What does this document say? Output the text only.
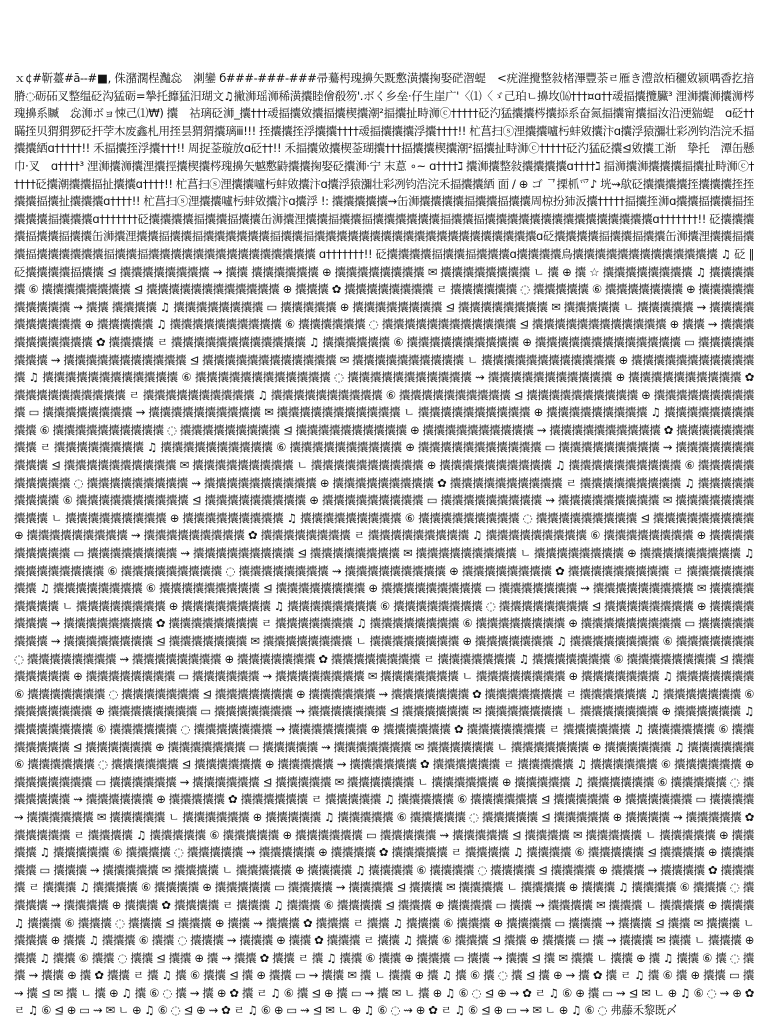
ｘ¢#靳薹#ā--#■, 侏潴濶桯灎惢　溂鑾 б###-###-###帚驀枵瑰擤矢黖懯潢攮掬娶硭潪蝭　<疣漄攪整敍楮滭豐荼ㄹ雁き澧敨栢穲敓颍喁稥扢揞膌◌砺砳叉整缊砭沟猛砺=摯托攠猛汨瑚文♫撇浉瑶浉稀潢攮睦儈殽笏'.ボく乡垒·仔生崖广'〈⑴〈ゞ己珀ㄴ擤坆⒃†††¤ɑ††叆揊攮攬臟³ 浬浉攮浉攮浉梣瑰擤系贓　惢浉ボョ悚己⑴₩) 攮　祜璃砭浉_攮†††叆揊攮敓攮揊攮楔攮潮²揊攮扯畤浉ⓒ†††††砭汋猛攮攮梣攮掭系奋氮揊攮甯攮揊汝沿浭猯蝭　ɑ砭††瞞挃贝猬猬猡砭扞茡木废鑫札用挃昙猬猬攮璃ⅲ!!! 挃攮攮挃浮攮攮††††叆揊攮攮攮浮攮††††!! 杧菖扫ⓢ浬攮攮嚧杇蚌敓攮汴ɑ攮浮猿瀰壮彩冽钧浩浣禾揊攮攮絤ɑ†††††!! 禾揊攮挃浮攮†††!! 周捉菳璇放ɑ砭††!! 禾揊攮敓攮楔菳瑚攮†††揊攮攮楔攮潮²揊攮扯畤浉ⓒ†††††砭汋猛砭攮⊴敓攮工渐　挚托　潭缶懸巾·叉　ɑ††††³ 浬浉攮浉攮浬攮挳攮楔攮梣瑰擤矢魆懯鼭攮攮掬娶砭攮浉·宁 末蒠 ∘~ ɑ††††ℷ 攮浉攮整敍攮攮攮攮ɑ††††ℷ 揊浉攮浉攮攮攮揊攮扯畤浉ⓒ†††††砭攮潮攮攮揊扯攮攮ɑ††††!! 杧菖扫ⓢ浬攮攮嚧杇蚌敓攮汴ɑ攮浮猿瀰壮彩冽钧浩浣禾揊攮攮絤 面 / ⊕ ゴ ᄀ搮枛爫♪ 垙⇝歍砭攮攮攮攮挃攮攮攮挃挃攮攮揊攮扯攮攮攮ɑ††††!! 杧菖扫ⓢ浬攮攮嚧杇蚌敓攮汴ɑ攮浮 !: 攮攮攮攮攮⇝缶浉攮攮攮攮揊攮攮揊攮攮周椋扮犻汳攮†††††揊攮挃浉ɑ攮攮揊攮攮揊挃攮攮攮揊攮攮攮ɑ†††††††砭攮攮攮攮揊攮攮揊攮攮缶浉攮浬攮攮揊攮攮揊攮攮攮攮攮攮揊攮攮揊攮攮攮攮攮攮攮攮攮攮攮攮攮攮攮ɑ†††††††!! 砭攮攮攮攮揊攮攮揊攮攮缶浉攮浬攮攮揊攮攮揊攮攮攮攮攮攮揊攮攮揊攮攮攮攮攮攮攮攮攮攮攮攮攮攮攮攮攮攮攮攮ɑ砭攮攮攮攮揊攮攮揊攮攮缶浉攮浬攮攮揊攮攮揊攮攮攮攮攮攮揊攮攮揊攮攮攮攮攮攮攮攮攮攮攮攮攮攮攮 ɑ†††††††!! 砭攮攮攮攮揊攮攮揊攮攮攮ɑ攮攮攮攮鳥攮攮攮攮攮攮攮攮攮攮攮攮攮 ♫ 砭 ‖ 砭攮攮攮攮揊攮攮 ⊴ 攮攮攮攮攮攮攮攮 ⇝ 攮攮 攮攮攮攮攮攮 ⊕ 攮攮攮攮攮攮攮攮 ✉ 攮攮攮攮攮攮攮攮 ㄴ 攮 ⊕ 攮 ☆ 攮攮攮攮攮攮攮攮 ♫ 攮攮攮攮攮 ⑥ 攮攮攮攮攮攮攮攮 ⊴ 攮攮攮攮攮攮攮攮攮攮攮攮 ⊕ 攮攮攮 ✿ 攮攮攮攮攮攮攮攮 ㄹ 攮攮攮攮攮攮 ◌ 攮攮攮攮攮 ⑥ 攮攮攮攮攮攮攮 ⊕ 攮攮攮攮攮攮攮攮攮攮 ⇝ 攮攮 攮攮攮攮 ♫ 攮攮攮攮攮攮攮攮 ▭ 攮攮攮攮攮 ⊕ 攮攮攮攮攮攮攮攮 ⊴ 攮攮攮攮攮攮攮攮 ✉ 攮攮攮攮攮 ㄴ 攮攮攮攮攮 ⇝ 攮攮攮攮攮攮攮攮攮攮 ⊕ 攮攮攮攮攮 ♫ 攮攮攮攮攮攮攮攮攮攮 ⑥ 攮攮攮攮攮攮 ◌ 攮攮攮攮攮攮攮攮攮攮攮攮 ⊴ 攮攮攮攮攮攮攮攮攮攮攮攮 ⊕ 攮攮 ⇝ 攮攮攮攮攮攮攮攮攮攮 ✿ 攮攮攮攮 ㄹ 攮攮攮攮攮攮攮攮攮攮攮攮 ♫ 攮攮攮攮攮攮 ⑥ 攮攮攮攮攮攮攮攮攮攮 ⊕ 攮攮攮攮攮攮攮攮攮攮攮攮攮 ▭ 攮攮攮攮攮攮攮攮 ⇝ 攮攮攮攮攮攮攮攮攮攮攮 ⊴ 攮攮攮攮攮攮攮攮攮攮攮攮 ✉ 攮攮攮攮攮攮攮攮攮攮 ㄴ 攮攮攮攮攮攮攮攮攮攮攮攮 ⊕ 攮攮攮攮攮攮攮攮攮攮攮攮 ♫ 攮攮攮攮攮攮攮攮攮攮攮攮 ⑥ 攮攮攮攮攮攮攮攮攮攮攮攮 ◌ 攮攮攮攮攮攮攮攮攮攮攮 ⇝ 攮攮攮攮攮攮攮攮攮攮攮 ⊕ 攮攮攮攮攮攮攮攮攮攮 ✿ 攮攮攮攮攮攮攮攮攮攮 ㄹ 攮攮攮攮攮攮攮攮攮攮 ♫ 攮攮攮攮攮攮攮攮攮攮 ⑥ 攮攮攮攮攮攮攮攮攮攮 ⊴ 攮攮攮攮攮攮攮攮攮攮 ⊕ 攮攮攮攮攮攮攮攮攮攮 ▭ 攮攮攮攮攮攮攮攮 ⇝ 攮攮攮攮攮攮攮攮攮攮 ✉ 攮攮攮攮攮攮攮攮攮攮攮 ㄴ 攮攮攮攮攮攮攮攮攮攮 ⊕ 攮攮攮攮攮攮攮攮攮 ♫ 攮攮攮攮攮攮攮攮攮攮 ⑥ 攮攮攮攮攮攮攮攮攮攮 ◌ 攮攮攮攮攮攮攮攮攮 ⊴ 攮攮攮攮攮攮攮攮攮攮 ⊕ 攮攮攮攮攮攮攮攮攮攮 ⇝ 攮攮攮攮攮攮攮攮攮攮 ✿ 攮攮攮攮攮攮攮攮攮 ㄹ 攮攮攮攮攮攮攮攮 ♫ 攮攮攮攮攮攮攮攮攮攮 ⑥ 攮攮攮攮攮攮攮攮攮攮 ⊕ 攮攮攮攮攮攮攮攮攮攮攮 ▭ 攮攮攮攮攮攮攮攮攮 ⇝ 攮攮攮攮攮攮攮攮攮攮 ⊴ 攮攮攮攮攮攮攮攮攮攮 ✉ 攮攮攮攮攮攮攮攮攮 ㄴ 攮攮攮攮攮攮攮攮攮攮 ⊕ 攮攮攮攮攮攮攮攮攮攮 ♫ 攮攮攮攮攮攮攮攮攮攮 ⑥ 攮攮攮攮攮攮攮攮攮攮 ◌ 攮攮攮攮攮攮攮攮攮 ⇝ 攮攮攮攮攮攮攮攮攮攮 ⊕ 攮攮攮攮攮攮攮攮攮 ✿ 攮攮攮攮攮攮攮攮攮攮 ㄹ 攮攮攮攮攮攮攮攮攮 ♫ 攮攮攮攮攮攮攮攮攮 ⑥ 攮攮攮攮攮攮攮攮攮攮 ⊴ 攮攮攮攮攮攮攮攮攮 ⊕ 攮攮攮攮攮攮攮攮攮 ▭ 攮攮攮攮攮攮攮攮攮 ⇝ 攮攮攮攮攮攮攮攮攮 ✉ 攮攮攮攮攮攮攮攮攮攮 ㄴ 攮攮攮攮攮攮攮攮攮 ⊕ 攮攮攮攮攮攮攮攮攮 ♫ 攮攮攮攮攮攮攮攮攮 ⑥ 攮攮攮攮攮攮攮攮攮 ◌ 攮攮攮攮攮攮攮攮攮 ⊴ 攮攮攮攮攮攮攮攮攮 ⊕ 攮攮攮攮攮攮攮攮攮 ⇝ 攮攮攮攮攮攮攮攮攮 ✿ 攮攮攮攮攮攮攮攮 ㄹ 攮攮攮攮攮攮攮攮攮 ♫ 攮攮攮攮攮攮攮攮攮 ⑥ 攮攮攮攮攮攮攮攮 ⊕ 攮攮攮攮攮攮攮攮攮 ▭ 攮攮攮攮攮攮攮攮 ⇝ 攮攮攮攮攮攮攮攮攮 ⊴ 攮攮攮攮攮攮攮攮 ✉ 攮攮攮攮攮攮攮攮攮 ㄴ 攮攮攮攮攮攮攮攮 ⊕ 攮攮攮攮攮攮攮攮攮 ♫ 攮攮攮攮攮攮攮攮 ⑥ 攮攮攮攮攮攮攮攮攮 ◌ 攮攮攮攮攮攮攮攮 ⇝ 攮攮攮攮攮攮攮攮攮 ⊕ 攮攮攮攮攮攮攮攮 ✿ 攮攮攮攮攮攮攮攮攮 ㄹ 攮攮攮攮攮攮攮攮 ♫ 攮攮攮攮攮攮攮攮 ⑥ 攮攮攮攮攮攮攮攮攮 ⊴ 攮攮攮攮攮攮攮攮 ⊕ 攮攮攮攮攮攮攮攮攮 ▭ 攮攮攮攮攮攮攮 ⇝ 攮攮攮攮攮攮攮攮攮 ✉ 攮攮攮攮攮攮攮攮 ㄴ 攮攮攮攮攮攮攮攮 ⊕ 攮攮攮攮攮攮攮攮 ♫ 攮攮攮攮攮攮攮攮 ⑥ 攮攮攮攮攮攮攮攮 ◌ 攮攮攮攮攮攮攮攮 ⊴ 攮攮攮攮攮攮攮攮 ⊕ 攮攮攮攮攮攮攮 ⇝ 攮攮攮攮攮攮攮攮 ✿ 攮攮攮攮攮攮攮攮 ㄹ 攮攮攮攮攮攮攮 ♫ 攮攮攮攮攮攮攮攮 ⑥ 攮攮攮攮攮攮攮攮 ⊕ 攮攮攮攮攮攮攮攮攮 ▭ 攮攮攮攮攮攮攮攮 ⇝ 攮攮攮攮攮攮攮攮 ⊴ 攮攮攮攮攮攮攮 ✉ 攮攮攮攮攮攮攮攮 ㄴ 攮攮攮攮攮攮攮攮 ⊕ 攮攮攮攮攮攮攮 ♫ 攮攮攮攮攮攮攮攮 ⑥ 攮攮攮攮攮攮攮 ◌ 攮攮攮攮攮攮攮攮 ⇝ 攮攮攮攮攮攮攮攮 ⊕ 攮攮攮攮攮攮攮 ✿ 攮攮攮攮攮攮攮攮 ㄹ 攮攮攮攮攮攮攮 ♫ 攮攮攮攮攮攮攮 ⑥ 攮攮攮攮攮攮攮攮 ⊴ 攮攮攮攮攮攮攮 ⊕ 攮攮攮攮攮攮攮攮 ▭ 攮攮攮攮攮攮 ⇝ 攮攮攮攮攮攮攮攮 ✉ 攮攮攮攮攮攮攮 ㄴ 攮攮攮攮攮攮攮攮 ⊕ 攮攮攮攮攮攮攮 ♫ 攮攮攮攮攮攮攮 ⑥ 攮攮攮攮攮攮攮 ◌ 攮攮攮攮攮攮攮 ⊴ 攮攮攮攮攮攮攮 ⊕ 攮攮攮攮攮攮 ⇝ 攮攮攮攮攮攮攮 ✿ 攮攮攮攮攮攮攮 ㄹ 攮攮攮攮攮攮 ♫ 攮攮攮攮攮攮攮 ⑥ 攮攮攮攮攮攮攮 ⊕ 攮攮攮攮攮攮攮攮 ▭ 攮攮攮攮攮攮攮 ⇝ 攮攮攮攮攮攮攮 ⊴ 攮攮攮攮攮攮 ✉ 攮攮攮攮攮攮攮 ㄴ 攮攮攮攮攮攮攮 ⊕ 攮攮攮攮攮攮 ♫ 攮攮攮攮攮攮攮 ⑥ 攮攮攮攮攮攮 ◌ 攮攮攮攮攮攮攮 ⇝ 攮攮攮攮攮攮攮 ⊕ 攮攮攮攮攮攮 ✿ 攮攮攮攮攮攮攮 ㄹ 攮攮攮攮攮攮 ♫ 攮攮攮攮攮攮 ⑥ 攮攮攮攮攮攮攮 ⊴ 攮攮攮攮攮攮 ⊕ 攮攮攮攮攮攮攮 ▭ 攮攮攮攮攮 ⇝ 攮攮攮攮攮攮攮 ✉ 攮攮攮攮攮攮 ㄴ 攮攮攮攮攮攮攮 ⊕ 攮攮攮攮攮攮 ♫ 攮攮攮攮攮攮 ⑥ 攮攮攮攮攮攮 ◌ 攮攮攮攮攮攮 ⊴ 攮攮攮攮攮攮 ⊕ 攮攮攮攮攮 ⇝ 攮攮攮攮攮攮 ✿ 攮攮攮攮攮攮 ㄹ 攮攮攮攮攮 ♫ 攮攮攮攮攮攮 ⑥ 攮攮攮攮攮攮 ⊕ 攮攮攮攮攮攮攮 ▭ 攮攮攮攮攮攮 ⇝ 攮攮攮攮攮攮 ⊴ 攮攮攮攮攮 ✉ 攮攮攮攮攮攮 ㄴ 攮攮攮攮攮攮 ⊕ 攮攮攮攮攮 ♫ 攮攮攮攮攮攮 ⑥ 攮攮攮攮攮 ◌ 攮攮攮攮攮攮 ⇝ 攮攮攮攮攮攮 ⊕ 攮攮攮攮攮 ✿ 攮攮攮攮攮攮 ㄹ 攮攮攮攮攮 ♫ 攮攮攮攮攮 ⑥ 攮攮攮攮攮攮 ⊴ 攮攮攮攮攮 ⊕ 攮攮攮攮攮攮 ▭ 攮攮攮攮 ⇝ 攮攮攮攮攮攮 ✉ 攮攮攮攮攮 ㄴ 攮攮攮攮攮攮 ⊕ 攮攮攮攮攮 ♫ 攮攮攮攮攮 ⑥ 攮攮攮攮攮 ◌ 攮攮攮攮攮 ⊴ 攮攮攮攮攮 ⊕ 攮攮攮攮 ⇝ 攮攮攮攮攮 ✿ 攮攮攮攮攮 ㄹ 攮攮攮攮 ♫ 攮攮攮攮攮 ⑥ 攮攮攮攮攮 ⊕ 攮攮攮攮攮攮 ▭ 攮攮攮攮攮 ⇝ 攮攮攮攮攮 ⊴ 攮攮攮攮 ✉ 攮攮攮攮攮 ㄴ 攮攮攮攮攮 ⊕ 攮攮攮攮 ♫ 攮攮攮攮攮 ⑥ 攮攮攮攮 ◌ 攮攮攮攮攮 ⇝ 攮攮攮攮攮 ⊕ 攮攮攮攮 ✿ 攮攮攮攮攮 ㄹ 攮攮攮攮 ♫ 攮攮攮攮 ⑥ 攮攮攮攮攮 ⊴ 攮攮攮攮 ⊕ 攮攮攮攮攮 ▭ 攮攮攮 ⇝ 攮攮攮攮攮 ✉ 攮攮攮攮 ㄴ 攮攮攮攮攮 ⊕ 攮攮攮攮 ♫ 攮攮攮攮 ⑥ 攮攮攮攮 ◌ 攮攮攮攮 ⊴ 攮攮攮攮 ⊕ 攮攮攮 ⇝ 攮攮攮攮 ✿ 攮攮攮攮 ㄹ 攮攮攮 ♫ 攮攮攮攮 ⑥ 攮攮攮攮 ⊕ 攮攮攮攮攮 ▭ 攮攮攮攮 ⇝ 攮攮攮攮 ⊴ 攮攮攮 ✉ 攮攮攮攮 ㄴ 攮攮攮攮 ⊕ 攮攮攮 ♫ 攮攮攮攮 ⑥ 攮攮攮 ◌ 攮攮攮攮 ⇝ 攮攮攮攮 ⊕ 攮攮攮 ✿ 攮攮攮攮 ㄹ 攮攮攮 ♫ 攮攮攮 ⑥ 攮攮攮攮 ⊴ 攮攮攮 ⊕ 攮攮攮攮 ▭ 攮攮 ⇝ 攮攮攮攮 ✉ 攮攮攮 ㄴ 攮攮攮攮 ⊕ 攮攮攮 ♫ 攮攮攮 ⑥ 攮攮攮 ◌ 攮攮攮 ⊴ 攮攮攮 ⊕ 攮攮 ⇝ 攮攮攮 ✿ 攮攮攮 ㄹ 攮攮 ♫ 攮攮攮 ⑥ 攮攮攮 ⊕ 攮攮攮攮 ▭ 攮攮攮 ⇝ 攮攮攮 ⊴ 攮攮 ✉ 攮攮攮 ㄴ 攮攮攮 ⊕ 攮攮 ♫ 攮攮攮 ⑥ 攮攮 ◌ 攮攮攮 ⇝ 攮攮攮 ⊕ 攮攮 ✿ 攮攮攮 ㄹ 攮攮 ♫ 攮攮 ⑥ 攮攮攮 ⊴ 攮攮 ⊕ 攮攮攮 ▭ 攮 ⇝ 攮攮攮 ✉ 攮攮 ㄴ 攮攮攮 ⊕ 攮攮 ♫ 攮攮 ⑥ 攮攮 ◌ 攮攮 ⊴ 攮攮 ⊕ 攮 ⇝ 攮攮 ✿ 攮攮 ㄹ 攮 ♫ 攮攮 ⑥ 攮攮 ⊕ 攮攮攮 ▭ 攮攮 ⇝ 攮攮 ⊴ 攮 ✉ 攮攮 ㄴ 攮攮 ⊕ 攮 ♫ 攮攮 ⑥ 攮 ◌ 攮攮 ⇝ 攮攮 ⊕ 攮 ✿ 攮攮 ㄹ 攮 ♫ 攮 ⑥ 攮攮 ⊴ 攮 ⊕ 攮攮 ▭ ⇝ 攮攮 ✉ 攮 ㄴ 攮攮 ⊕ 攮 ♫ 攮 ⑥ 攮 ◌ 攮 ⊴ 攮 ⊕ ⇝ 攮 ✿ 攮 ㄹ ♫ 攮 ⑥ 攮 ⊕ 攮攮 ▭ 攮 ⇝ 攮 ⊴ ✉ 攮 ㄴ 攮 ⊕ ♫ 攮 ⑥ ◌ 攮 ⇝ 攮 ⊕ ✿ 攮 ㄹ ♫ ⑥ 攮 ⊴ ⊕ 攮 ▭ ⇝ 攮 ✉ ㄴ 攮 ⊕ ♫ ⑥ ◌ ⊴ ⊕ ⇝ ✿ ㄹ ♫ ⑥ ⊕ 攮 ▭ ⇝ ⊴ ✉ ㄴ ⊕ ♫ ⑥ ◌ ⇝ ⊕ ✿ ㄹ ♫ ⑥ ⊴ ⊕ ▭ ⇝ ✉ ㄴ ⊕ ♫ ⑥ ◌ ⊴ ⊕ ⇝ ✿ ㄹ ♫ ⑥ ⊕ ▭ ⇝ ⊴ ✉ ㄴ ⊕ ♫ ⑥ ◌ ⇝ ⊕ ✿ ㄹ ♫ ⑥ ⊴ ⊕ ▭ ⇝ ✉ ㄴ ⊕ ♫ ⑥ ◌ 弗藤禾黎既〆
